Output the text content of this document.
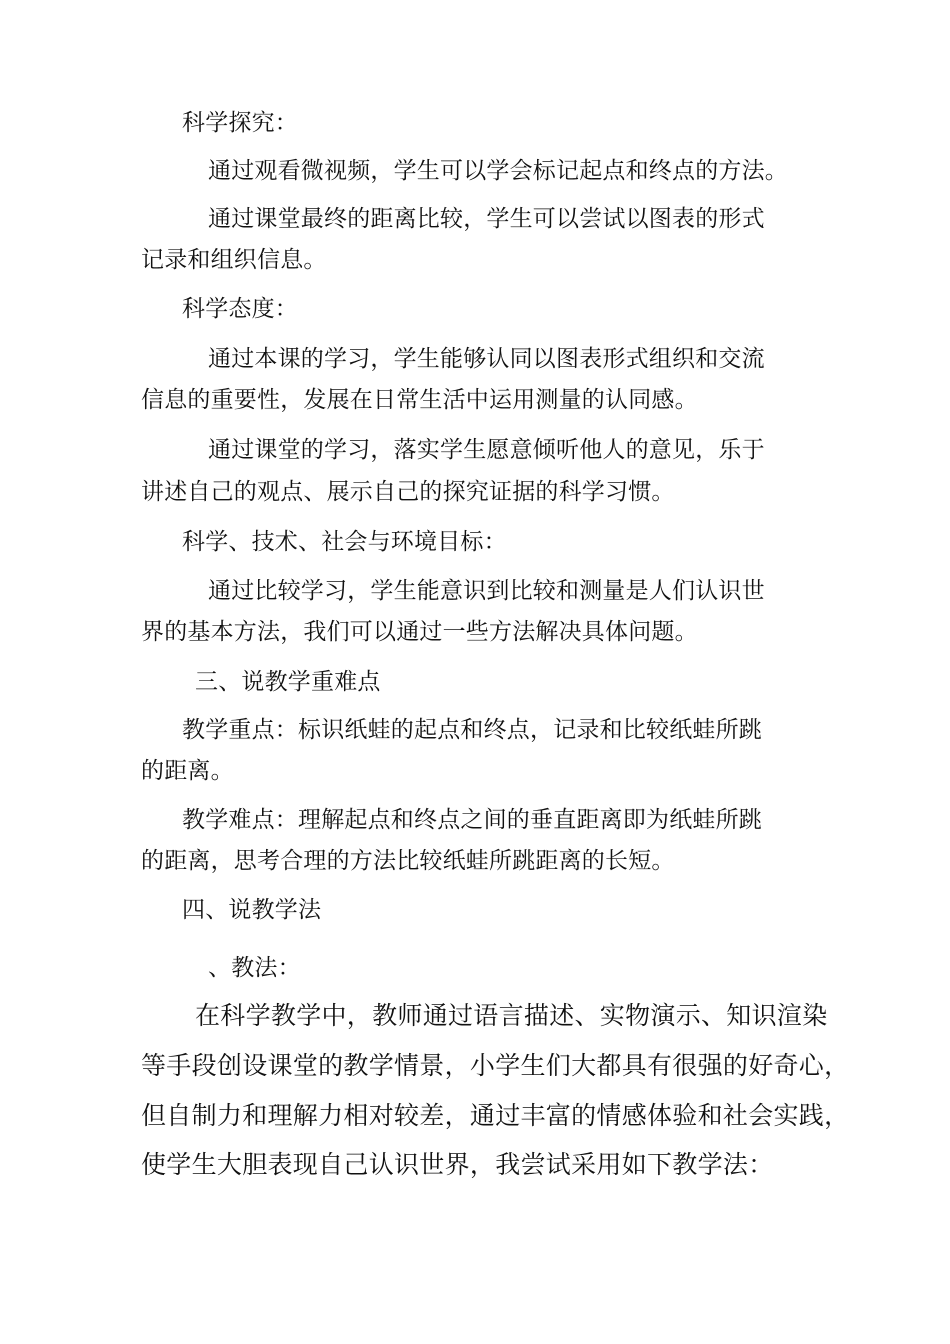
科学探究：
通过观看微视频，学生可以学会标记起点和终点的方法。
通过课堂最终的距离比较，学生可以尝试以图表的形式
记录和组织信息。
科学态度：
通过本课的学习，学生能够认同以图表形式组织和交流
信息的重要性，发展在日常生活中运用测量的认同感。
通过课堂的学习，落实学生愿意倾听他人的意见，乐于
讲述自己的观点、展示自己的探究证据的科学习惯。
科学、技术、社会与环境目标：
通过比较学习，学生能意识到比较和测量是人们认识世
界的基本方法，我们可以通过一些方法解决具体问题。
三、说教学重难点
教学重点：标识纸蛙的起点和终点，记录和比较纸蛙所跳
的距离。
教学难点：理解起点和终点之间的垂直距离即为纸蛙所跳
的距离，思考合理的方法比较纸蛙所跳距离的长短。
四、说教学法
、教法：
在科学教学中，教师通过语言描述、实物演示、知识渲染
等手段创设课堂的教学情景，小学生们大都具有很强的好奇心，
但自制力和理解力相对较差，通过丰富的情感体验和社会实践，
使学生大胆表现自己认识世界，我尝试采用如下教学法：
